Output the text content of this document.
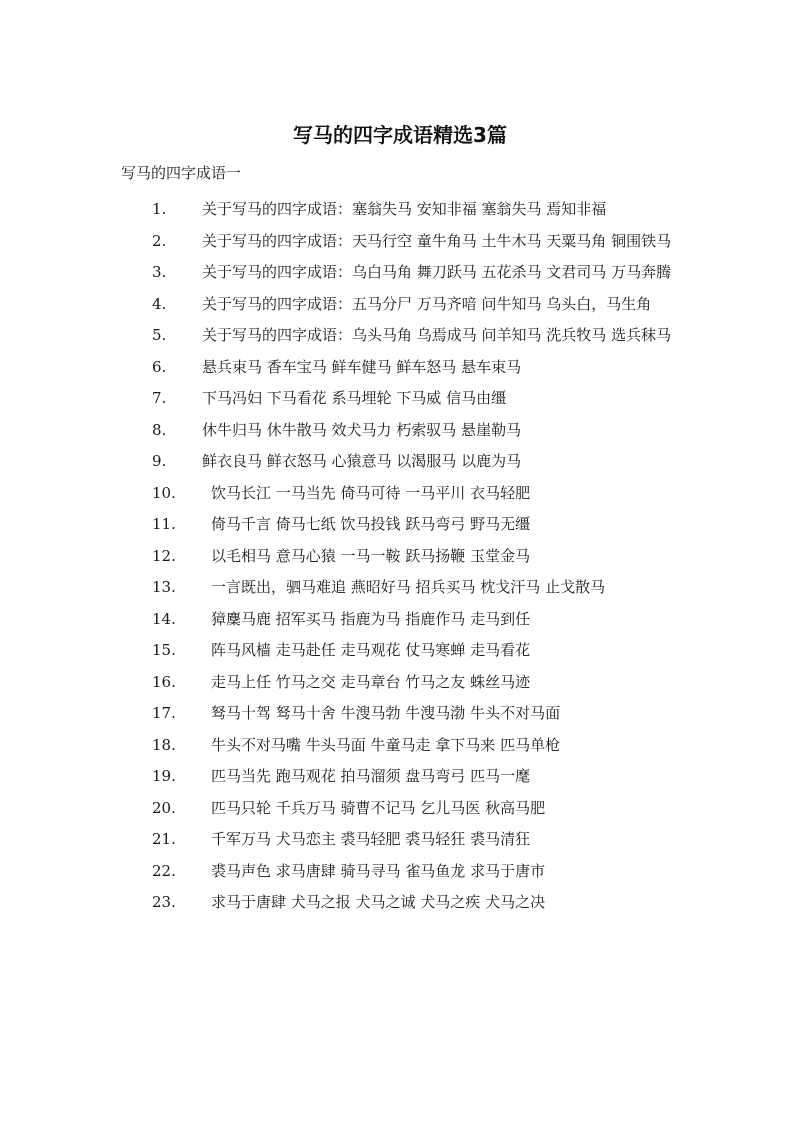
写马的四字成语精选3篇
写马的四字成语一
1. 关于写马的四字成语：塞翁失马 安知非福 塞翁失马 焉知非福
2. 关于写马的四字成语：天马行空 童牛角马 土牛木马 天粟马角 铜围铁马
3. 关于写马的四字成语：乌白马角 舞刀跃马 五花杀马 文君司马 万马奔腾
4. 关于写马的四字成语：五马分尸 万马齐喑 问牛知马 乌头白，马生角
5. 关于写马的四字成语：乌头马角 乌焉成马 问羊知马 洗兵牧马 选兵秣马
6. 悬兵束马 香车宝马 鲜车健马 鲜车怒马 悬车束马
7. 下马冯妇 下马看花 系马埋轮 下马威 信马由缰
8. 休牛归马 休牛散马 效犬马力 朽索驭马 悬崖勒马
9. 鲜衣良马 鲜衣怒马 心猿意马 以渴服马 以鹿为马
10. 饮马长江 一马当先 倚马可待 一马平川 衣马轻肥
11. 倚马千言 倚马七纸 饮马投钱 跃马弯弓 野马无缰
12. 以毛相马 意马心猿 一马一鞍 跃马扬鞭 玉堂金马
13. 一言既出，驷马难追 燕昭好马 招兵买马 枕戈汗马 止戈散马
14. 獐麇马鹿 招军买马 指鹿为马 指鹿作马 走马到任
15. 阵马风樯 走马赴任 走马观花 仗马寒蝉 走马看花
16. 走马上任 竹马之交 走马章台 竹马之友 蛛丝马迹
17. 驽马十驾 驽马十舍 牛溲马勃 牛溲马渤 牛头不对马面
18. 牛头不对马嘴 牛头马面 牛童马走 拿下马来 匹马单枪
19. 匹马当先 跑马观花 拍马溜须 盘马弯弓 匹马一麾
20. 匹马只轮 千兵万马 骑曹不记马 乞儿马医 秋高马肥
21. 千军万马 犬马恋主 裘马轻肥 裘马轻狂 裘马清狂
22. 裘马声色 求马唐肆 骑马寻马 雀马鱼龙 求马于唐市
23. 求马于唐肆 犬马之报 犬马之诚 犬马之疾 犬马之决
